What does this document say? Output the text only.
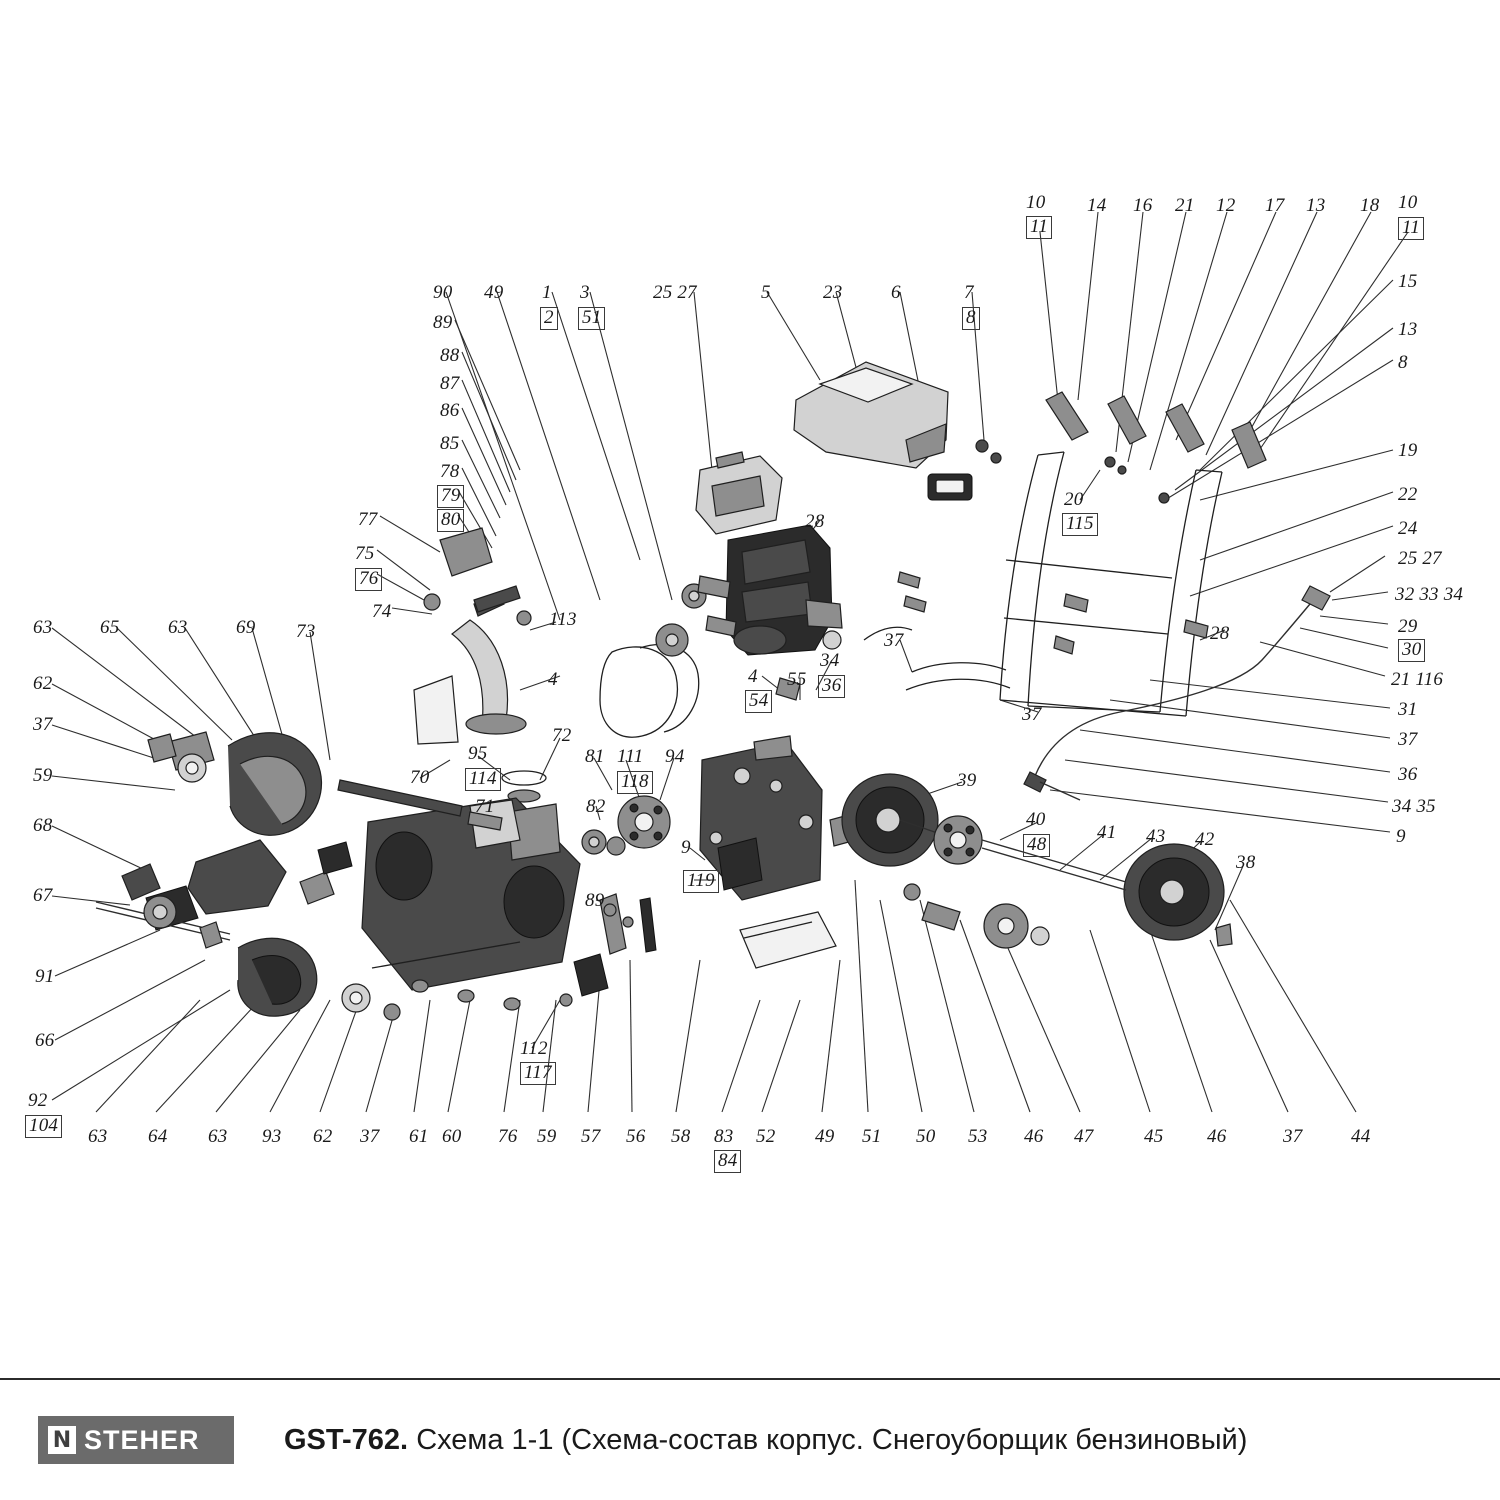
10
11
14 16 21 12 17 13 18 10
11
15
13
8
19
22
24
25 27
32 33 34
29
30
21 116
31
37
36
34 35
9
90 49 1
2
3
51
25 27	5	23	6	7
8
89
88
87
86
85
78
79
80
77
75
76
74	113
28
20
115
37	28
37
4	4
54
55
34
36
63	65	63	69 73
62
37
59
68
67
91
66
92
104
70
95
114
71
72
81 111
118
82
94
9
119
89
39
40
48
41 43 42
38
112
117
63 64 63 93 62 37 61 60 76 59 57 56 58 83
84
52 49 51 50 53 46 47	45 46	37	44
N STEHER	GST-762. Схема 1-1 (Схема-состав корпус. Снегоуборщик бензиновый)
